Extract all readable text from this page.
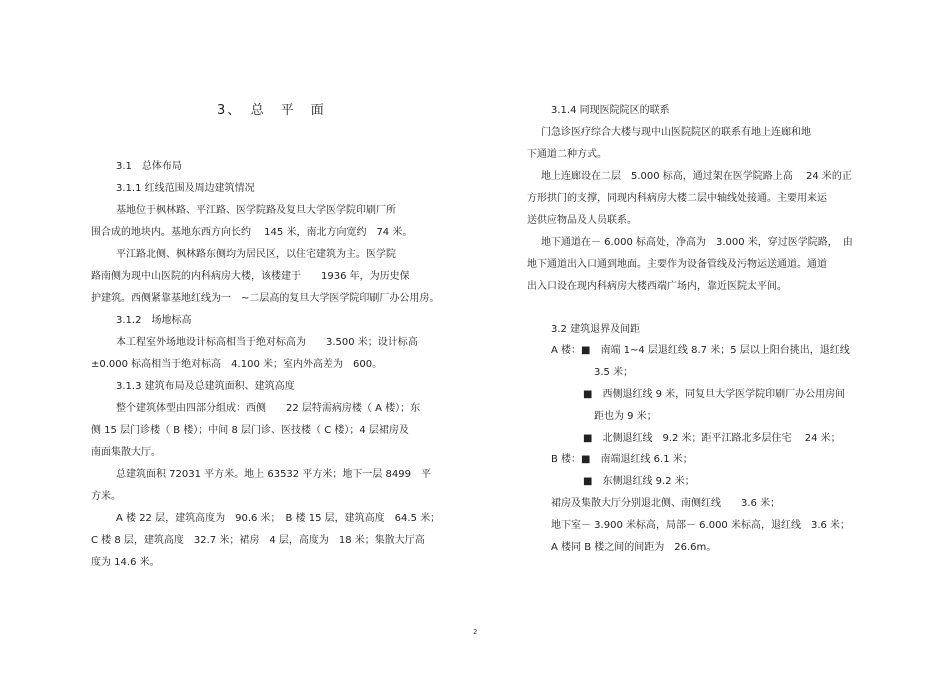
3、　总　平　面
3.1　总体布局
3.1.1 红线范围及周边建筑情况
基地位于枫林路、平江路、医学院路及复旦大学医学院印刷厂所
围合成的地块内。基地东西方向长约　 145 米，南北方向宽约　74 米。
平江路北侧、枫林路东侧均为居民区，以住宅建筑为主。医学院
路南侧为现中山医院的内科病房大楼，该楼建于　　1936 年，为历史保
护建筑。西侧紧靠基地红线为一　~二层高的复旦大学医学院印刷厂办公用房。
3.1.2　场地标高
本工程室外场地设计标高相当于绝对标高为　　3.500 米；设计标高
±0.000 标高相当于绝对标高　4.100 米；室内外高差为　600。
3.1.3 建筑布局及总建筑面积、建筑高度
整个建筑体型由四部分组成：西侧　　22 层特需病房楼（ A 楼）；东
侧 15 层门诊楼（ B 楼）；中间 8 层门诊、医技楼（ C 楼）；4 层裙房及
南面集散大厅。
总建筑面积 72031 平方米。地上 63532 平方米；地下一层 8499　平
方米。
A 楼 22 层，建筑高度为　90.6 米；　B 楼 15 层，建筑高度　64.5 米；
C 楼 8 层，建筑高度　32.7 米；裙房　4 层，高度为　18 米；集散大厅高
度为 14.6 米。
3.1.4 同现医院院区的联系
门急诊医疗综合大楼与现中山医院院区的联系有地上连廊和地
下通道二种方式。
地上连廊设在二层　5.000 标高，通过架在医学院路上高　 24 米的正
方形拱门的支撑，同现内科病房大楼二层中轴线处接通。主要用来运
送供应物品及人员联系。
地下通道在－ 6.000 标高处，净高为　3.000 米，穿过医学院路，　由
地下通道出入口通到地面。主要作为设备管线及污物运送通道。通道
出入口设在现内科病房大楼西端广场内，靠近医院太平间。
3.2 建筑退界及间距
A 楼：■　南端 1~4 层退红线 8.7 米；5 层以上阳台挑出，退红线
3.5 米；
■　西侧退红线 9 米，同复旦大学医学院印刷厂办公用房间
距也为 9 米；
■　北侧退红线　9.2 米；距平江路北多层住宅　 24 米；
B 楼：■　南端退红线 6.1 米；
■　东侧退红线 9.2 米；
裙房及集散大厅分别退北侧、南侧红线　　3.6 米；
地下室－ 3.900 米标高，局部－ 6.000 米标高，退红线　3.6 米；
A 楼同 B 楼之间的间距为　26.6m。
2
